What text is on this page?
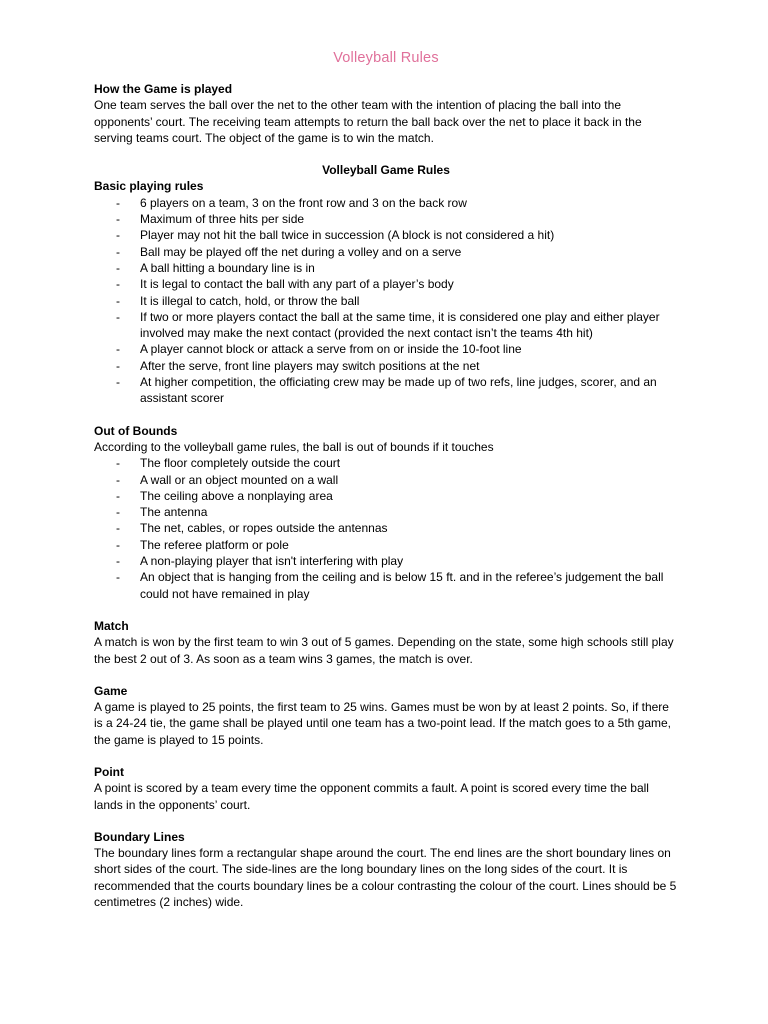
Volleyball Rules

How the Game is played

One team serves the ball over the net to the other team with the intention of placing the ball into the opponents’ court. The receiving team attempts to return the ball back over the net to place it back in the serving teams court. The object of the game is to win the match.

Volleyball Game Rules

Basic playing rules

- 6 players on a team, 3 on the front row and 3 on the back row
- Maximum of three hits per side
- Player may not hit the ball twice in succession (A block is not considered a hit)
- Ball may be played off the net during a volley and on a serve
- A ball hitting a boundary line is in
- It is legal to contact the ball with any part of a player’s body
- It is illegal to catch, hold, or throw the ball
- If two or more players contact the ball at the same time, it is considered one play and either player involved may make the next contact (provided the next contact isn’t the teams 4th hit)
- A player cannot block or attack a serve from on or inside the 10-foot line
- After the serve, front line players may switch positions at the net
- At higher competition, the officiating crew may be made up of two refs, line judges, scorer, and an assistant scorer

Out of Bounds

According to the volleyball game rules, the ball is out of bounds if it touches

- The floor completely outside the court
- A wall or an object mounted on a wall
- The ceiling above a nonplaying area
- The antenna
- The net, cables, or ropes outside the antennas
- The referee platform or pole
- A non-playing player that isn't interfering with play
- An object that is hanging from the ceiling and is below 15 ft. and in the referee’s judgement the ball could not have remained in play

Match

A match is won by the first team to win 3 out of 5 games. Depending on the state, some high schools still play the best 2 out of 3. As soon as a team wins 3 games, the match is over.

Game

A game is played to 25 points, the first team to 25 wins. Games must be won by at least 2 points. So, if there is a 24-24 tie, the game shall be played until one team has a two-point lead. If the match goes to a 5th game, the game is played to 15 points.

Point

A point is scored by a team every time the opponent commits a fault. A point is scored every time the ball lands in the opponents’ court.

Boundary Lines

The boundary lines form a rectangular shape around the court. The end lines are the short boundary lines on short sides of the court. The side-lines are the long boundary lines on the long sides of the court. It is recommended that the courts boundary lines be a colour contrasting the colour of the court. Lines should be 5 centimetres (2 inches) wide.
